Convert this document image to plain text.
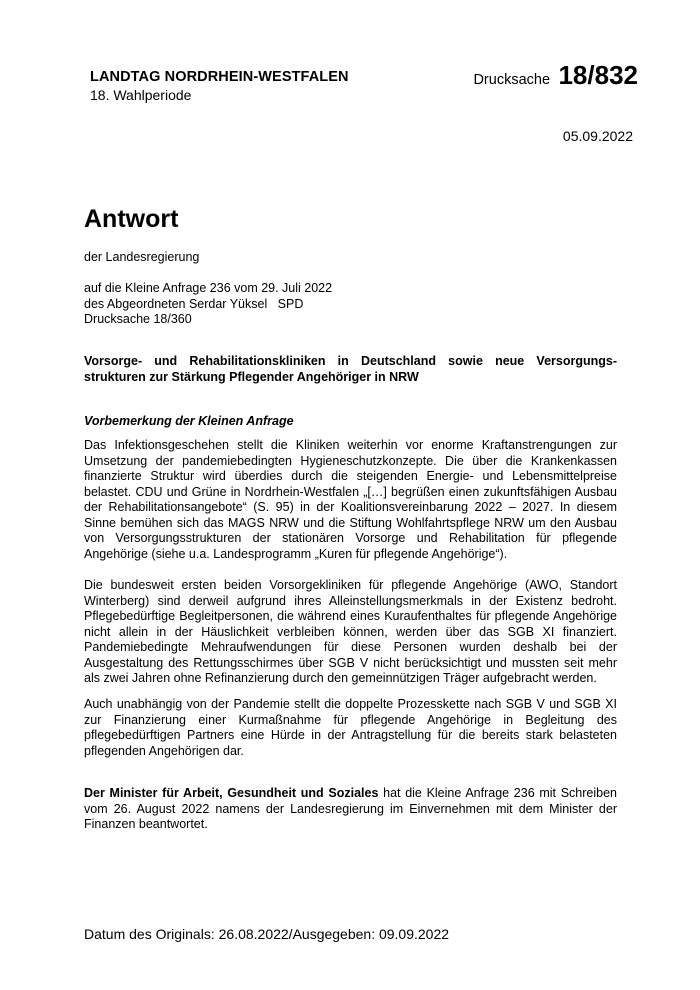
LANDTAG NORDRHEIN-WESTFALEN
18. Wahlperiode
Drucksache 18/832
05.09.2022
Antwort
der Landesregierung
auf die Kleine Anfrage 236 vom 29. Juli 2022
des Abgeordneten Serdar Yüksel   SPD
Drucksache 18/360
Vorsorge- und Rehabilitationskliniken in Deutschland sowie neue Versorgungs-strukturen zur Stärkung Pflegender Angehöriger in NRW
Vorbemerkung der Kleinen Anfrage
Das Infektionsgeschehen stellt die Kliniken weiterhin vor enorme Kraftanstrengungen zur Umsetzung der pandemiebedingten Hygieneschutzkonzepte. Die über die Krankenkassen finanzierte Struktur wird überdies durch die steigenden Energie- und Lebensmittelpreise belastet. CDU und Grüne in Nordrhein-Westfalen „[…] begrüßen einen zukunftsfähigen Ausbau der Rehabilitationsangebote“ (S. 95) in der Koalitionsvereinbarung 2022 – 2027. In diesem Sinne bemühen sich das MAGS NRW und die Stiftung Wohlfahrtspflege NRW um den Ausbau von Versorgungsstrukturen der stationären Vorsorge und Rehabilitation für pflegende Angehörige (siehe u.a. Landesprogramm „Kuren für pflegende Angehörige“).
Die bundesweit ersten beiden Vorsorgekliniken für pflegende Angehörige (AWO, Standort Winterberg) sind derweil aufgrund ihres Alleinstellungsmerkmals in der Existenz bedroht. Pflegebedürftige Begleitpersonen, die während eines Kuraufenthaltes für pflegende Angehörige nicht allein in der Häuslichkeit verbleiben können, werden über das SGB XI finanziert. Pandemiebedingte Mehraufwendungen für diese Personen wurden deshalb bei der Ausgestaltung des Rettungsschirmes über SGB V nicht berücksichtigt und mussten seit mehr als zwei Jahren ohne Refinanzierung durch den gemeinnützigen Träger aufgebracht werden.
Auch unabhängig von der Pandemie stellt die doppelte Prozesskette nach SGB V und SGB XI zur Finanzierung einer Kurmaßnahme für pflegende Angehörige in Begleitung des pflegebedürftigen Partners eine Hürde in der Antragstellung für die bereits stark belasteten pflegenden Angehörigen dar.
Der Minister für Arbeit, Gesundheit und Soziales hat die Kleine Anfrage 236 mit Schreiben vom 26. August 2022 namens der Landesregierung im Einvernehmen mit dem Minister der Finanzen beantwortet.
Datum des Originals: 26.08.2022/Ausgegeben: 09.09.2022
